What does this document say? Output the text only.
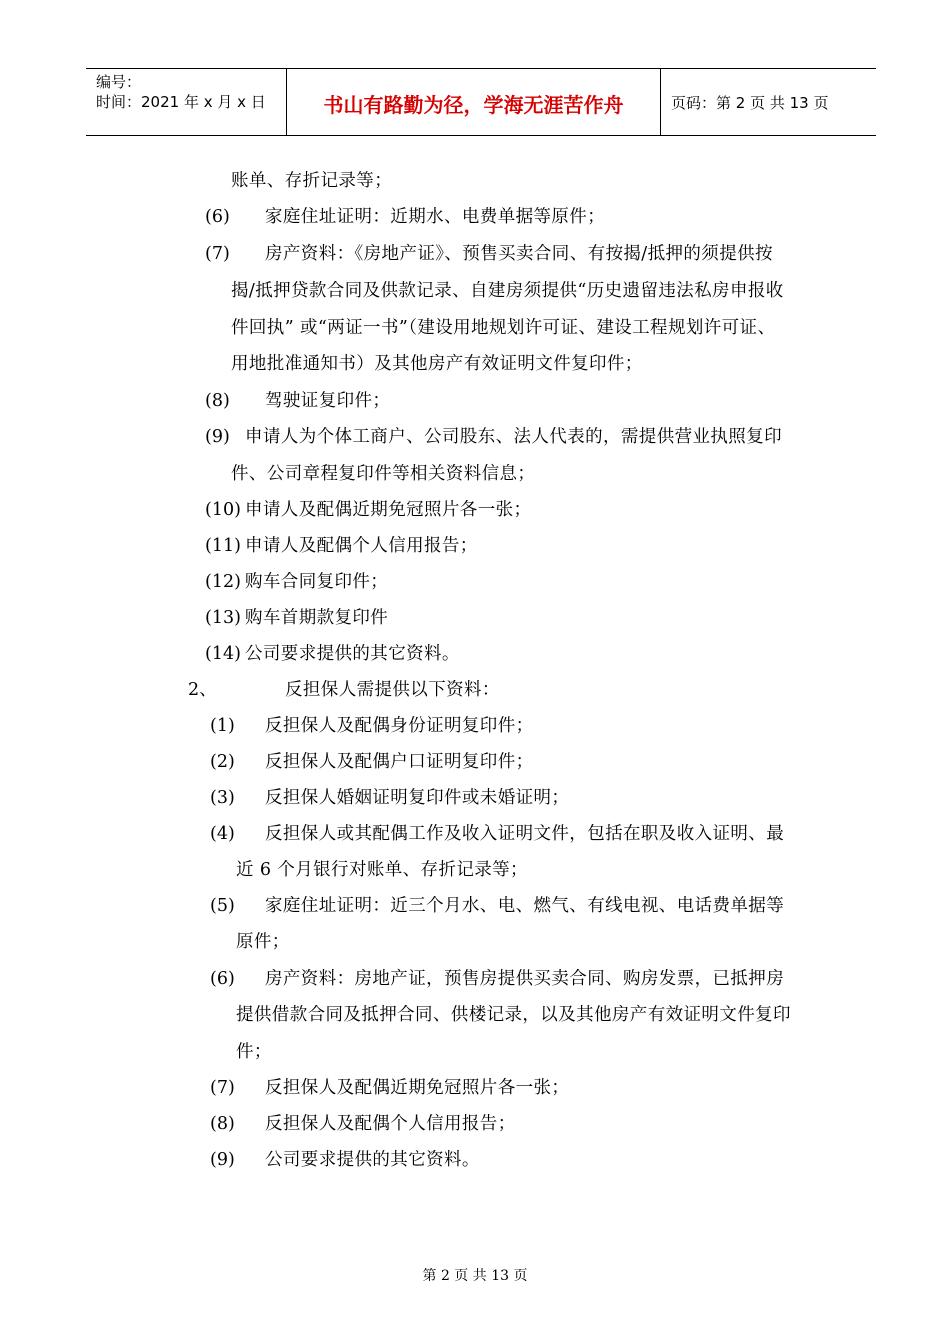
编号：
时间：2021 年 x 月 x 日	书山有路勤为径，学海无涯苦作舟	页码：第 2 页 共 13 页
账单、存折记录等；
(6) 家庭住址证明：近期水、电费单据等原件；
(7) 房产资料：《房地产证》、预售买卖合同、有按揭/抵押的须提供按
揭/抵押贷款合同及供款记录、自建房须提供“历史遗留违法私房申报收
件回执” 或“两证一书”（建设用地规划许可证、建设工程规划许可证、
用地批准通知书）及其他房产有效证明文件复印件；
(8) 驾驶证复印件；
(9) 申请人为个体工商户、公司股东、法人代表的，需提供营业执照复印
件、公司章程复印件等相关资料信息；
(10) 申请人及配偶近期免冠照片各一张；
(11) 申请人及配偶个人信用报告；
(12) 购车合同复印件；
(13) 购车首期款复印件
(14) 公司要求提供的其它资料。
2、	反担保人需提供以下资料：
(1) 反担保人及配偶身份证明复印件；
(2) 反担保人及配偶户口证明复印件；
(3) 反担保人婚姻证明复印件或未婚证明；
(4) 反担保人或其配偶工作及收入证明文件，包括在职及收入证明、最
近 6 个月银行对账单、存折记录等；
(5) 家庭住址证明：近三个月水、电、燃气、有线电视、电话费单据等
原件；
(6) 房产资料：房地产证，预售房提供买卖合同、购房发票，已抵押房
提供借款合同及抵押合同、供楼记录，以及其他房产有效证明文件复印
件；
(7) 反担保人及配偶近期免冠照片各一张；
(8) 反担保人及配偶个人信用报告；
(9) 公司要求提供的其它资料。
第 2 页 共 13 页
